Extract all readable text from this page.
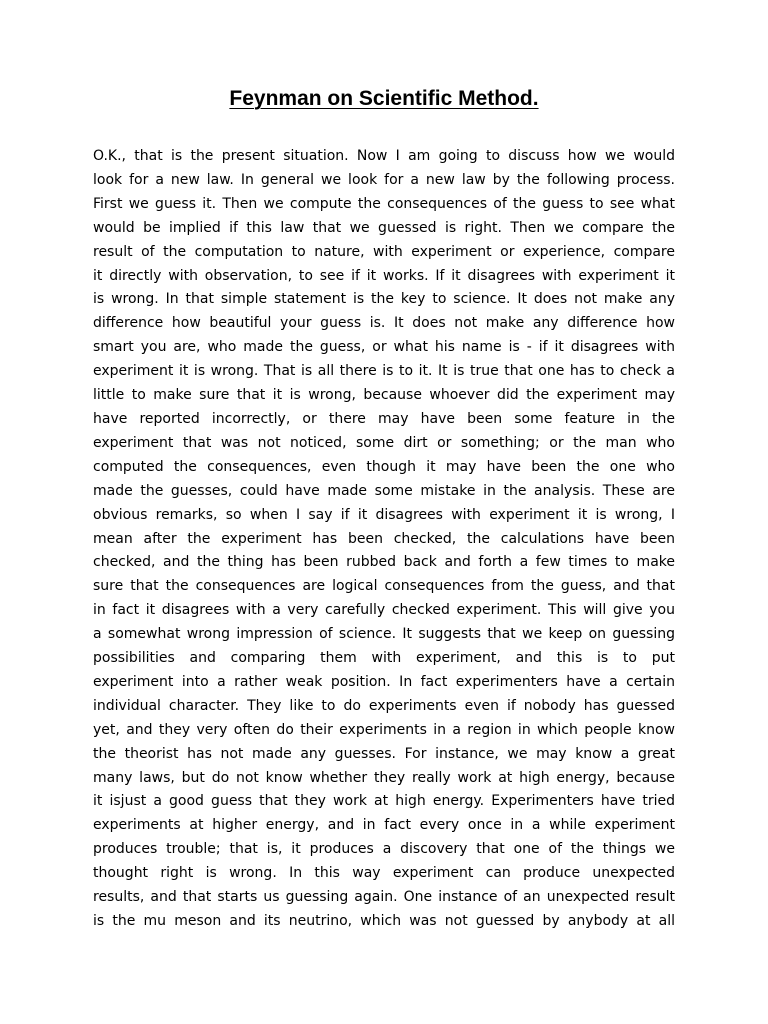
Feynman on Scientific Method.
O.K., that is the present situation. Now I am going to discuss how we would
look for a new law. In general we look for a new law by the following process.
First we guess it. Then we compute the consequences of the guess to see what
would be implied if this law that we guessed is right. Then we compare the
result of the computation to nature, with experiment or experience, compare
it directly with observation, to see if it works. If it disagrees with experiment it
is wrong. In that simple statement is the key to science. It does not make any
difference how beautiful your guess is. It does not make any difference how
smart you are, who made the guess, or what his name is - if it disagrees with
experiment it is wrong. That is all there is to it. It is true that one has to check a
little to make sure that it is wrong, because whoever did the experiment may
have reported incorrectly, or there may have been some feature in the
experiment that was not noticed, some dirt or something; or the man who
computed the consequences, even though it may have been the one who
made the guesses, could have made some mistake in the analysis. These are
obvious remarks, so when I say if it disagrees with experiment it is wrong, I
mean after the experiment has been checked, the calculations have been
checked, and the thing has been rubbed back and forth a few times to make
sure that the consequences are logical consequences from the guess, and that
in fact it disagrees with a very carefully checked experiment. This will give you
a somewhat wrong impression of science. It suggests that we keep on guessing
possibilities and comparing them with experiment, and this is to put
experiment into a rather weak position. In fact experimenters have a certain
individual character. They like to do experiments even if nobody has guessed
yet, and they very often do their experiments in a region in which people know
the theorist has not made any guesses. For instance, we may know a great
many laws, but do not know whether they really work at high energy, because
it isjust a good guess that they work at high energy. Experimenters have tried
experiments at higher energy, and in fact every once in a while experiment
produces trouble; that is, it produces a discovery that one of the things we
thought right is wrong. In this way experiment can produce unexpected
results, and that starts us guessing again. One instance of an unexpected result
is the mu meson and its neutrino, which was not guessed by anybody at all
